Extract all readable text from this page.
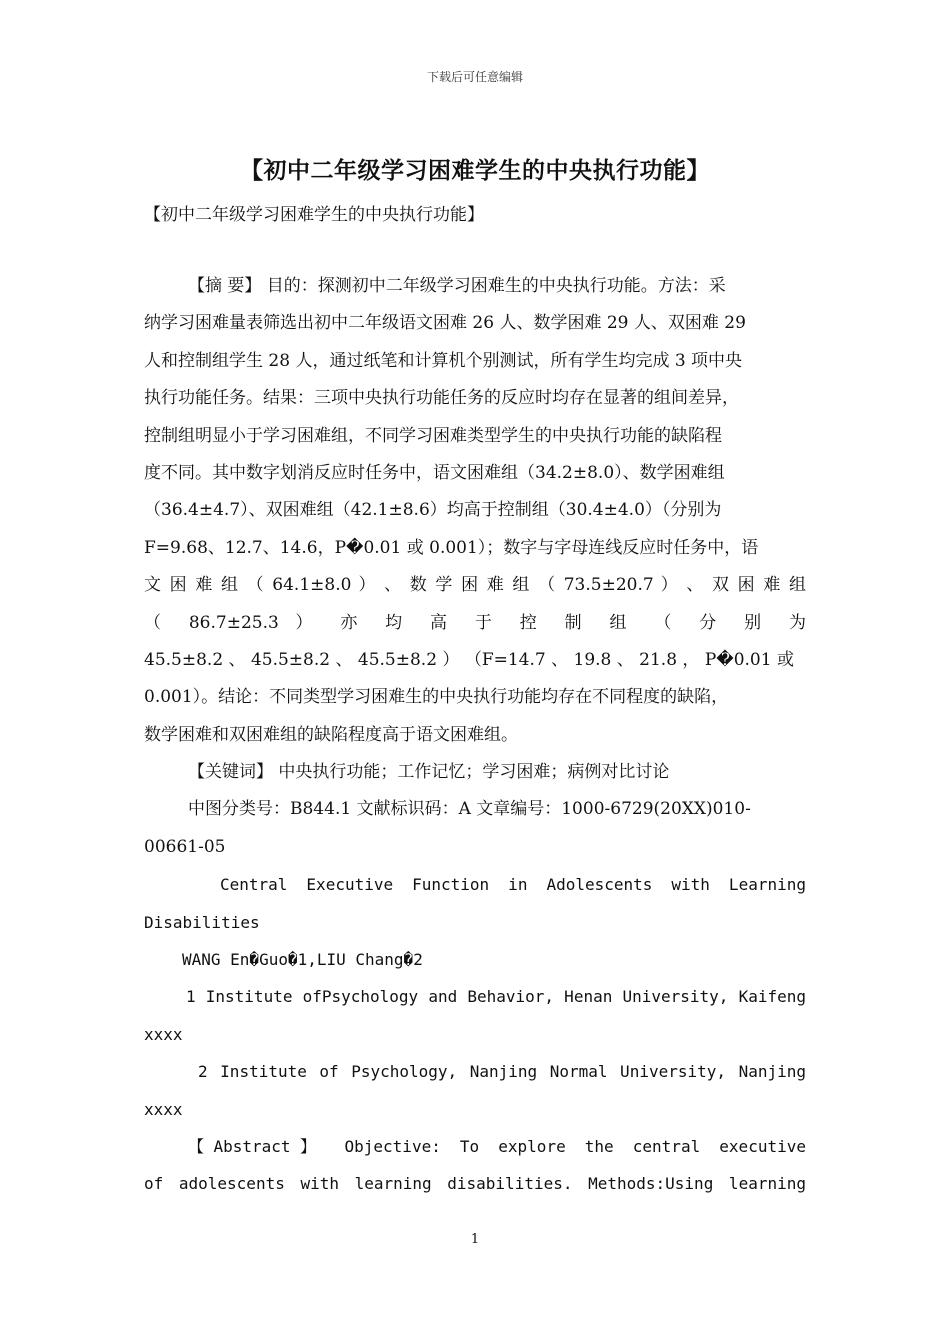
下载后可任意编辑
【初中二年级学习困难学生的中央执行功能】
【初中二年级学习困难学生的中央执行功能】
【摘 要】 目的：探测初中二年级学习困难生的中央执行功能。方法：采
纳学习困难量表筛选出初中二年级语文困难 26 人、数学困难 29 人、双困难 29
人和控制组学生 28 人，通过纸笔和计算机个别测试，所有学生均完成 3 项中央
执行功能任务。结果：三项中央执行功能任务的反应时均存在显著的组间差异，
控制组明显小于学习困难组，不同学习困难类型学生的中央执行功能的缺陷程
度不同。其中数字划消反应时任务中，语文困难组（34.2±8.0）、数学困难组
（36.4±4.7）、双困难组（42.1±8.6）均高于控制组（30.4±4.0）（分别为
F=9.68、12.7、14.6，P�0.01 或 0.001）；数字与字母连线反应时任务中，语
文 困 难 组 （ 64.1±8.0 ） 、 数 学 困 难 组 （ 73.5±20.7 ） 、 双 困 难 组
（ 86.7±25.3 ） 亦 均 高 于 控 制 组 （ 分 别 为
45.5±8.2 、 45.5±8.2 、 45.5±8.2 ） （F=14.7 、 19.8 、 21.8 ， P�0.01 或
0.001）。结论：不同类型学习困难生的中央执行功能均存在不同程度的缺陷，
数学困难和双困难组的缺陷程度高于语文困难组。
【关键词】 中央执行功能；工作记忆；学习困难；病例对比讨论
中图分类号：B844.1 文献标识码：A 文章编号：1000-6729(20XX)010-
00661-05
Central Executive Function in Adolescents with Learning
Disabilities
WANG En�Guo�1,LIU Chang�2
1 Institute ofPsychology and Behavior, Henan University, Kaifeng
xxxx
2 Institute of Psychology, Nanjing Normal University, Nanjing
xxxx
【Abstract】 Objective: To explore the central executive
of adolescents with learning disabilities. Methods:Using learning
1
